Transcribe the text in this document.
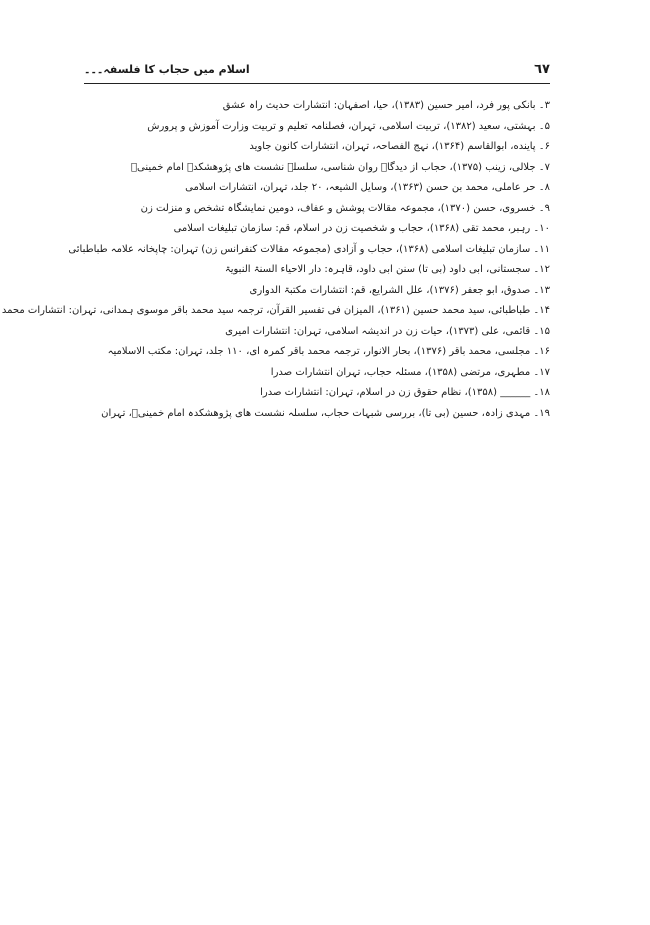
٦٧
اسلام میں حجاب کا فلسفہ۔۔۔
۳۔ بانکی پور فرد، امیر حسین (۱۳۸۳)، حیا، اصفہان: انتشارات حدیث راہ عشق
۵۔ بہشتی، سعید (۱۳۸۲)، تربیت اسلامی، تہران، فصلنامہ تعلیم و تربیت وزارت آموزش و پرورش
۶۔ پاینده، ابوالقاسم (۱۳۶۴)، نہج الفصاحہ، تہران، انتشارات کانون جاوید
۷۔ جلالی، زینب (۱۳۷۵)، حجاب از دیدگاہ روان شناسی، سلسلہ نشست ھای پژوھشکدہ امام خمینیؒ
۸۔ حر عاملی، محمد بن حسن (۱۳۶۳)، وسایل الشیعہ، ۲۰ جلد، تہران، انتشارات اسلامی
۹۔ خسروی، حسن (۱۳۷۰)، مجموعہ مقالات پوشش و عفاف، دومین نمایشگاہ تشخص و منزلت زن
۱۰۔ رہبر، محمد تقی (۱۳۶۸)، حجاب و شخصیت زن در اسلام، قم: سازمان تبلیغات اسلامی
۱۱۔ سازمان تبلیغات اسلامی (۱۳۶۸)، حجاب و آزادی (مجموعہ مقالات کنفرانس زن) تہران: چاپخانہ علامہ طباطبائی
۱۲۔ سجستانی، ابی داود (بی تا) سنن ابی داود، قاہرہ: دار الاحیاء السنۃ النبویۃ
۱۳۔ صدوق، ابو جعفر (۱۳۷۶)، علل الشرایع، قم: انتشارات مکتبۃ الدواری
۱۴۔ طباطبائی، سید محمد حسین (۱۳۶۱)، المیزان فی تفسیر القرآن، ترجمہ سید محمد باقر موسوی ہمدانی، تہران: انتشارات محمد
۱۵۔ قائمی، علی (۱۳۷۳)، حیات زن در اندیشہ اسلامی، تہران: انتشارات امیری
۱۶۔ مجلسی، محمد باقر (۱۳۷۶)، بحار الانوار، ترجمہ محمد باقر کمرہ ای، ۱۱۰ جلد، تہران: مکتب الاسلامیہ
۱۷۔ مطہری، مرتضی (۱۳۵۸)، مسئلہ حجاب، تہران انتشارات صدرا
۱۸۔ ______ (۱۳۵۸)، نظام حقوق زن در اسلام، تہران: انتشارات صدرا
۱۹۔ مہدی زادہ، حسین (بی تا)، بررسی شبہات حجاب، سلسلہ نشست ھای پژوھشکدہ امام خمینیؒ، تہران
